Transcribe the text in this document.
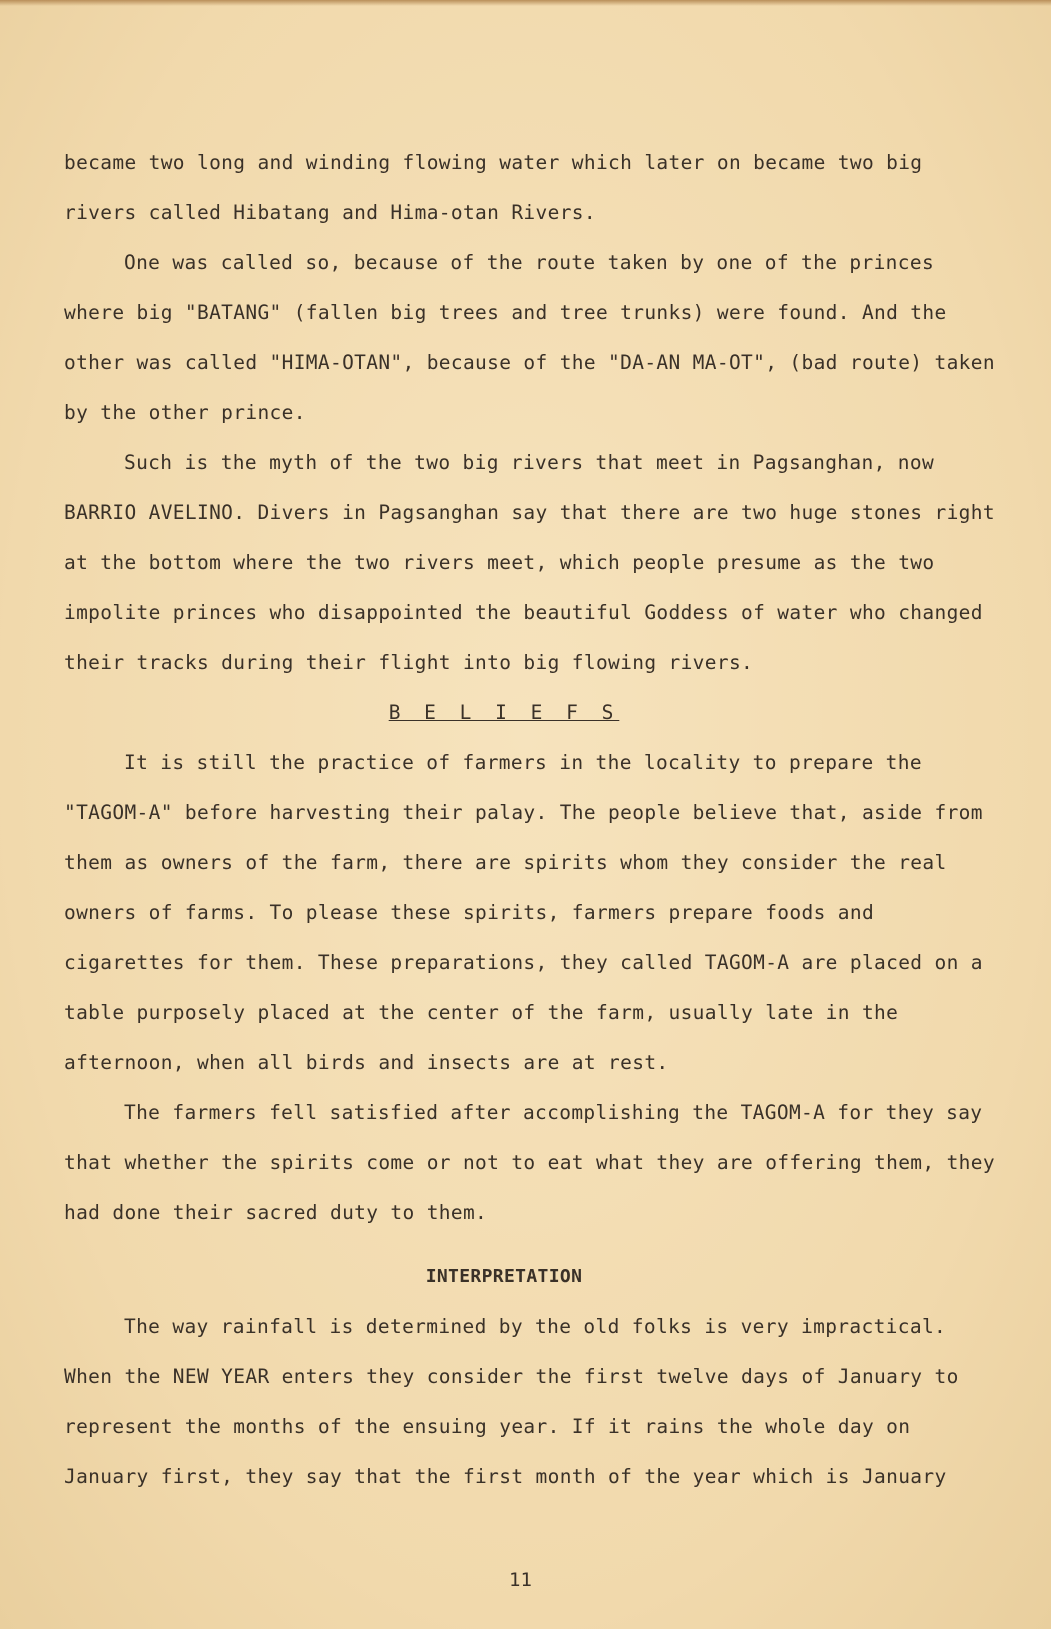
became two long and winding flowing water which later on became two big rivers called Hibatang and Hima-otan Rivers.

One was called so, because of the route taken by one of the princes where big "BATANG" (fallen big trees and tree trunks) were found. And the other was called "HIMA-OTAN", because of the "DA-AN MA-OT", (bad route) taken by the other prince.

Such is the myth of the two big rivers that meet in Pagsanghan, now BARRIO AVELINO. Divers in Pagsanghan say that there are two huge stones right at the bottom where the two rivers meet, which people presume as the two impolite princes who disappointed the beautiful Goddess of water who changed their tracks during their flight into big flowing rivers.

B E L I E F S

It is still the practice of farmers in the locality to prepare the "TAGOM-A" before harvesting their palay. The people believe that, aside from them as owners of the farm, there are spirits whom they consider the real owners of farms. To please these spirits, farmers prepare foods and cigarettes for them. These preparations, they called TAGOM-A are placed on a table purposely placed at the center of the farm, usually late in the afternoon, when all birds and insects are at rest.

The farmers fell satisfied after accomplishing the TAGOM-A for they say that whether the spirits come or not to eat what they are offering them, they had done their sacred duty to them.

INTERPRETATION

The way rainfall is determined by the old folks is very impractical. When the NEW YEAR enters they consider the first twelve days of January to represent the months of the ensuing year. If it rains the whole day on January first, they say that the first month of the year which is January

11
